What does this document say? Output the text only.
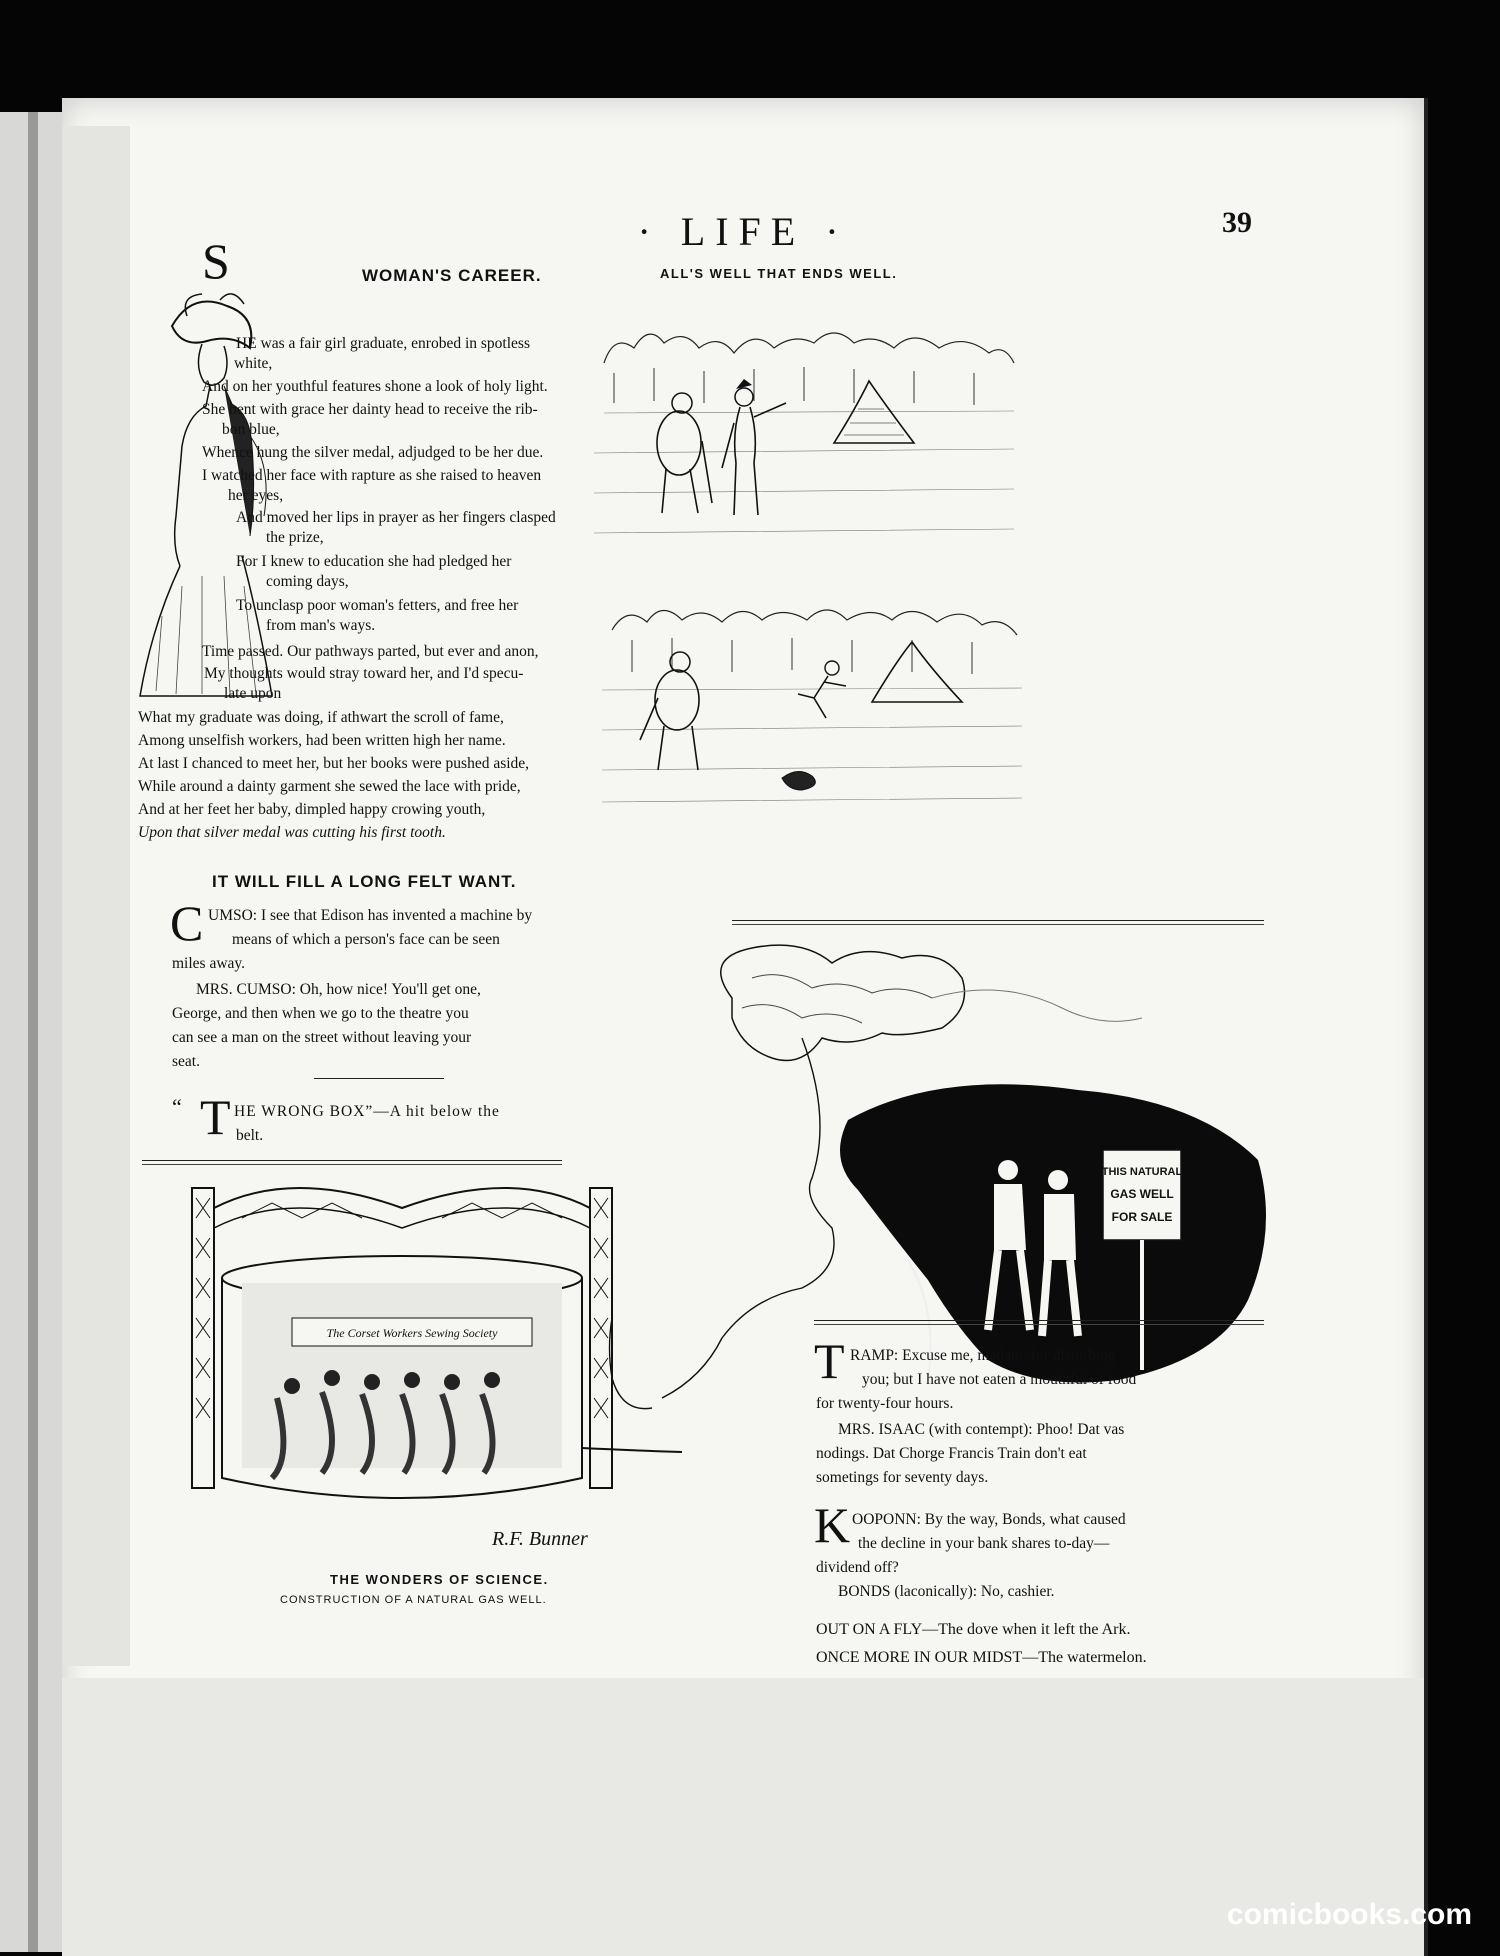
· LIFE ·	39
WOMAN'S CAREER.
S
HE was a fair girl graduate, enrobed in spotless
white,
And on her youthful features shone a look of holy light.
She bent with grace her dainty head to receive the rib-
bon blue,
Whence hung the silver medal, adjudged to be her due.
I watched her face with rapture as she raised to heaven
her eyes,
And moved her lips in prayer as her fingers clasped
the prize,
For I knew to education she had pledged her
coming days,
To unclasp poor woman's fetters, and free her
from man's ways.
Time passed. Our pathways parted, but ever and anon,
My thoughts would stray toward her, and I'd specu-
late upon
What my graduate was doing, if athwart the scroll of fame,
Among unselfish workers, had been written high her name.
At last I chanced to meet her, but her books were pushed aside,
While around a dainty garment she sewed the lace with pride,
And at her feet her baby, dimpled happy crowing youth,
Upon that silver medal was cutting his first tooth.
IT WILL FILL A LONG FELT WANT.
C UMSO: I see that Edison has invented a machine by
means of which a person's face can be seen
miles away.
MRS. CUMSO: Oh, how nice! You'll get one,
George, and then when we go to the theatre you
can see a man on the street without leaving your
seat.
“ T HE WRONG BOX”—A hit below the
belt.
ALL'S WELL THAT ENDS WELL.
THIS NATURAL
GAS WELL
FOR SALE
The Corset Workers Sewing Society
R.F. Bunner
THE WONDERS OF SCIENCE.
CONSTRUCTION OF A NATURAL GAS WELL.
T RAMP: Excuse me, madam, for disturbing
you; but I have not eaten a mouthful of food
for twenty-four hours.
MRS. ISAAC (with contempt): Phoo! Dat vas
nodings. Dat Chorge Francis Train don't eat
sometings for seventy days.
K OOPONN: By the way, Bonds, what caused
the decline in your bank shares to-day—
dividend off?
BONDS (laconically): No, cashier.
OUT ON A FLY—The dove when it left the Ark.
ONCE MORE IN OUR MIDST—The watermelon.
comicbooks.com
